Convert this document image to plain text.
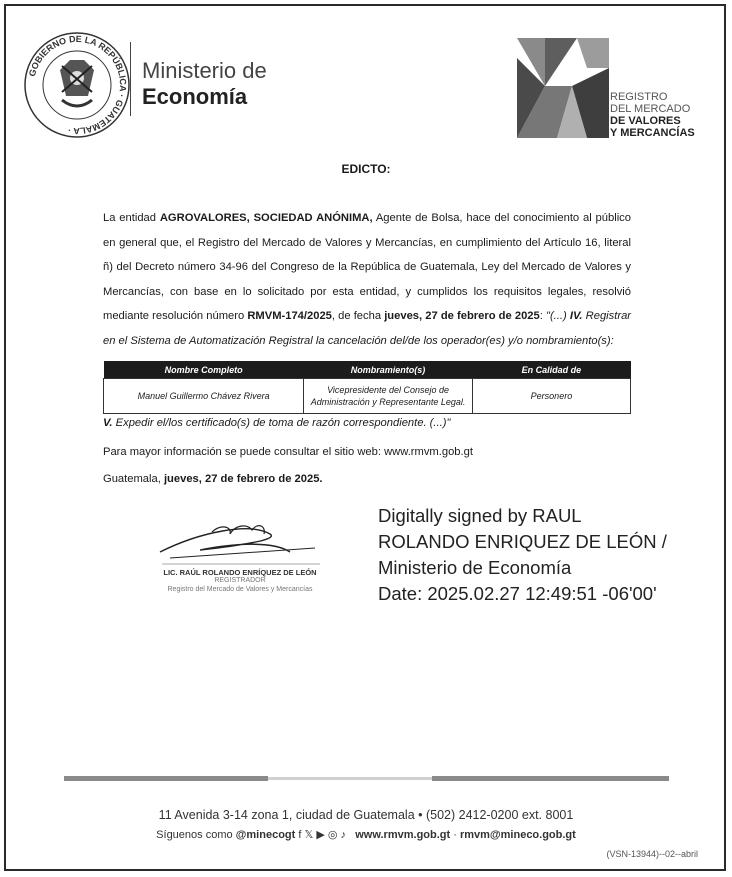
GOBIERNO DE LA REPÚBLICA · GUATEMALA ·
Ministerio de
Economía	REGISTRO
DEL MERCADO
DE VALORES
Y MERCANCÍAS
EDICTO:
La entidad AGROVALORES, SOCIEDAD ANÓNIMA, Agente de Bolsa, hace del conocimiento al público en general que, el Registro del Mercado de Valores y Mercancías, en cumplimiento del Artículo 16, literal ñ) del Decreto número 34-96 del Congreso de la República de Guatemala, Ley del Mercado de Valores y Mercancías, con base en lo solicitado por esta entidad, y cumplidos los requisitos legales, resolvió mediante resolución número RMVM-174/2025, de fecha jueves, 27 de febrero de 2025: "(...) IV. Registrar en el Sistema de Automatización Registral la cancelación del/de los operador(es) y/o nombramiento(s):
Nombre Completo	Nombramiento(s)	En Calidad de
Manuel Guillermo Chávez Rivera	Vicepresidente del Consejo de Administración y Representante Legal.	Personero
V. Expedir el/los certificado(s) de toma de razón correspondiente. (...)"
Para mayor información se puede consultar el sitio web: www.rmvm.gob.gt
Guatemala, jueves, 27 de febrero de 2025.
LIC. RAÚL ROLANDO ENRÍQUEZ DE LEÓN
REGISTRADOR
Registro del Mercado de Valores y Mercancías
Digitally signed by RAUL
ROLANDO ENRIQUEZ DE LEÓN /
Ministerio de Economía
Date: 2025.02.27 12:49:51 -06'00'
11 Avenida 3-14 zona 1, ciudad de Guatemala • (502) 2412-0200 ext. 8001
Síguenos como @minecogt f 𝕏 ▶ ◎ ♪ www.rmvm.gob.gt · rmvm@mineco.gob.gt
(VSN-13944)--02--abril
